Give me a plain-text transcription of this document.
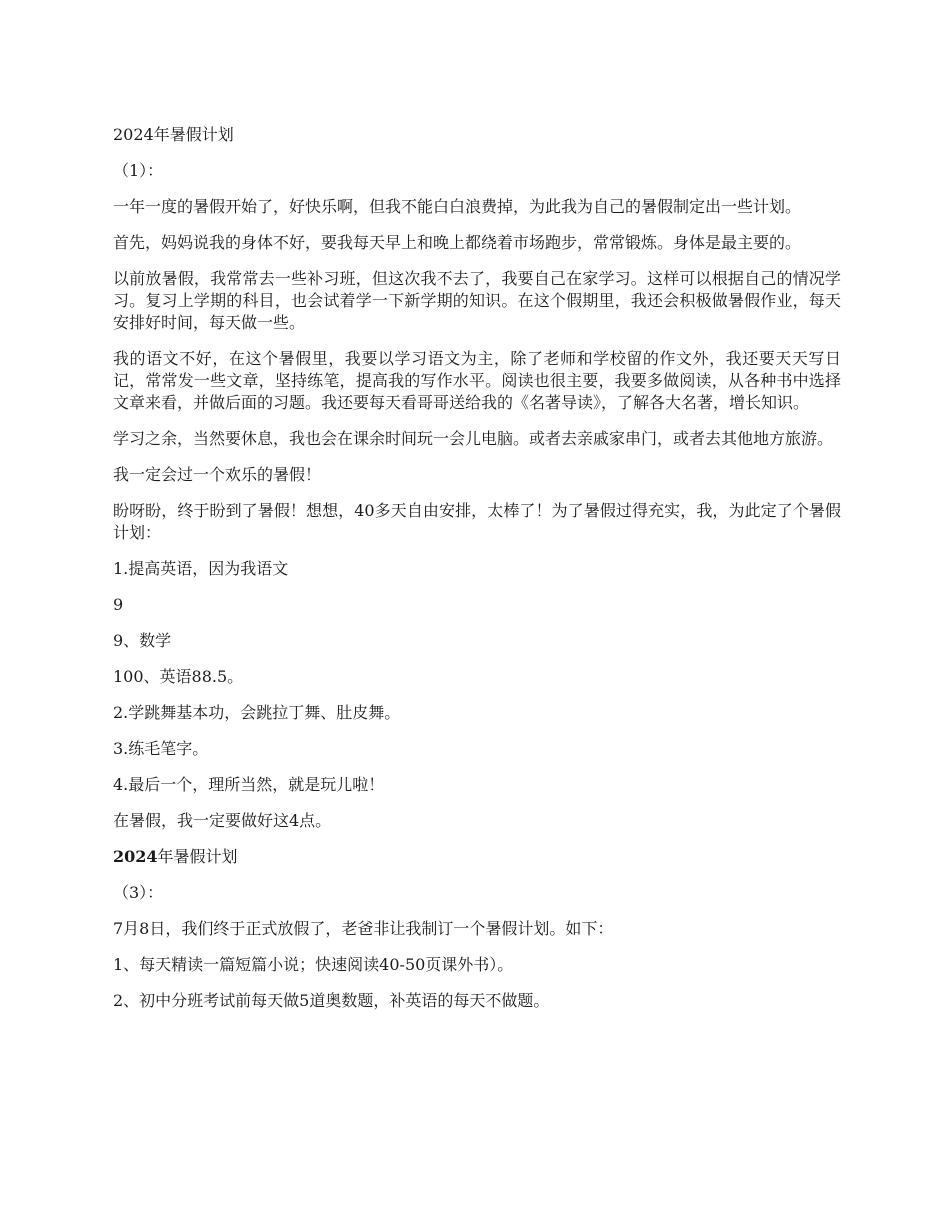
2024年暑假计划

（1）：

一年一度的暑假开始了，好快乐啊，但我不能白白浪费掉，为此我为自己的暑假制定出一些计划。

首先，妈妈说我的身体不好，要我每天早上和晚上都绕着市场跑步，常常锻炼。身体是最主要的。

以前放暑假，我常常去一些补习班，但这次我不去了，我要自己在家学习。这样可以根据自己的情况学习。复习上学期的科目，也会试着学一下新学期的知识。在这个假期里，我还会积极做暑假作业，每天安排好时间，每天做一些。

我的语文不好，在这个暑假里，我要以学习语文为主，除了老师和学校留的作文外，我还要天天写日记，常常发一些文章，坚持练笔，提高我的写作水平。阅读也很主要，我要多做阅读，从各种书中选择文章来看，并做后面的习题。我还要每天看哥哥送给我的《名著导读》，了解各大名著，增长知识。

学习之余，当然要休息，我也会在课余时间玩一会儿电脑。或者去亲戚家串门，或者去其他地方旅游。

我一定会过一个欢乐的暑假！

盼呀盼，终于盼到了暑假！想想，40多天自由安排，太棒了！为了暑假过得充实，我，为此定了个暑假计划：

1.提高英语，因为我语文

9

9、数学

100、英语88.5。

2.学跳舞基本功，会跳拉丁舞、肚皮舞。

3.练毛笔字。

4.最后一个，理所当然，就是玩儿啦！

在暑假，我一定要做好这4点。

2024年暑假计划

（3）：

7月8日，我们终于正式放假了，老爸非让我制订一个暑假计划。如下：

1、每天精读一篇短篇小说；快速阅读40-50页课外书）。

2、初中分班考试前每天做5道奥数题，补英语的每天不做题。
